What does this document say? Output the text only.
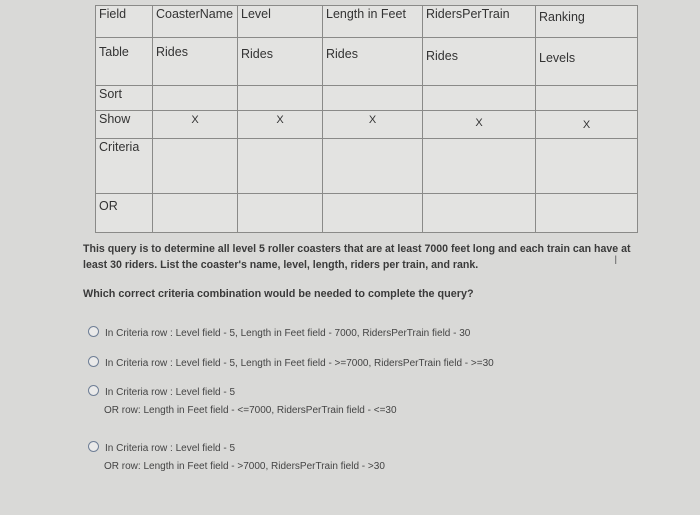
Field	CoasterName	Level	Length in Feet	RidersPerTrain	Ranking
Table	Rides	Rides	Rides	Rides	Levels
Sort					
Show	X	X	X	X	X
Criteria					
OR					
This query is to determine all level 5 roller coasters that are at least 7000 feet long and each train can have at least 30 riders. List the coaster's name, level, length, riders per train, and rank.	I
Which correct criteria combination would be needed to complete the query?
In Criteria row : Level field - 5, Length in Feet field - 7000, RidersPerTrain field - 30
In Criteria row : Level field - 5, Length in Feet field - >=7000, RidersPerTrain field - >=30
In Criteria row : Level field - 5
OR row: Length in Feet field - <=7000, RidersPerTrain field - <=30
In Criteria row : Level field - 5
OR row: Length in Feet field - >7000, RidersPerTrain field - >30
